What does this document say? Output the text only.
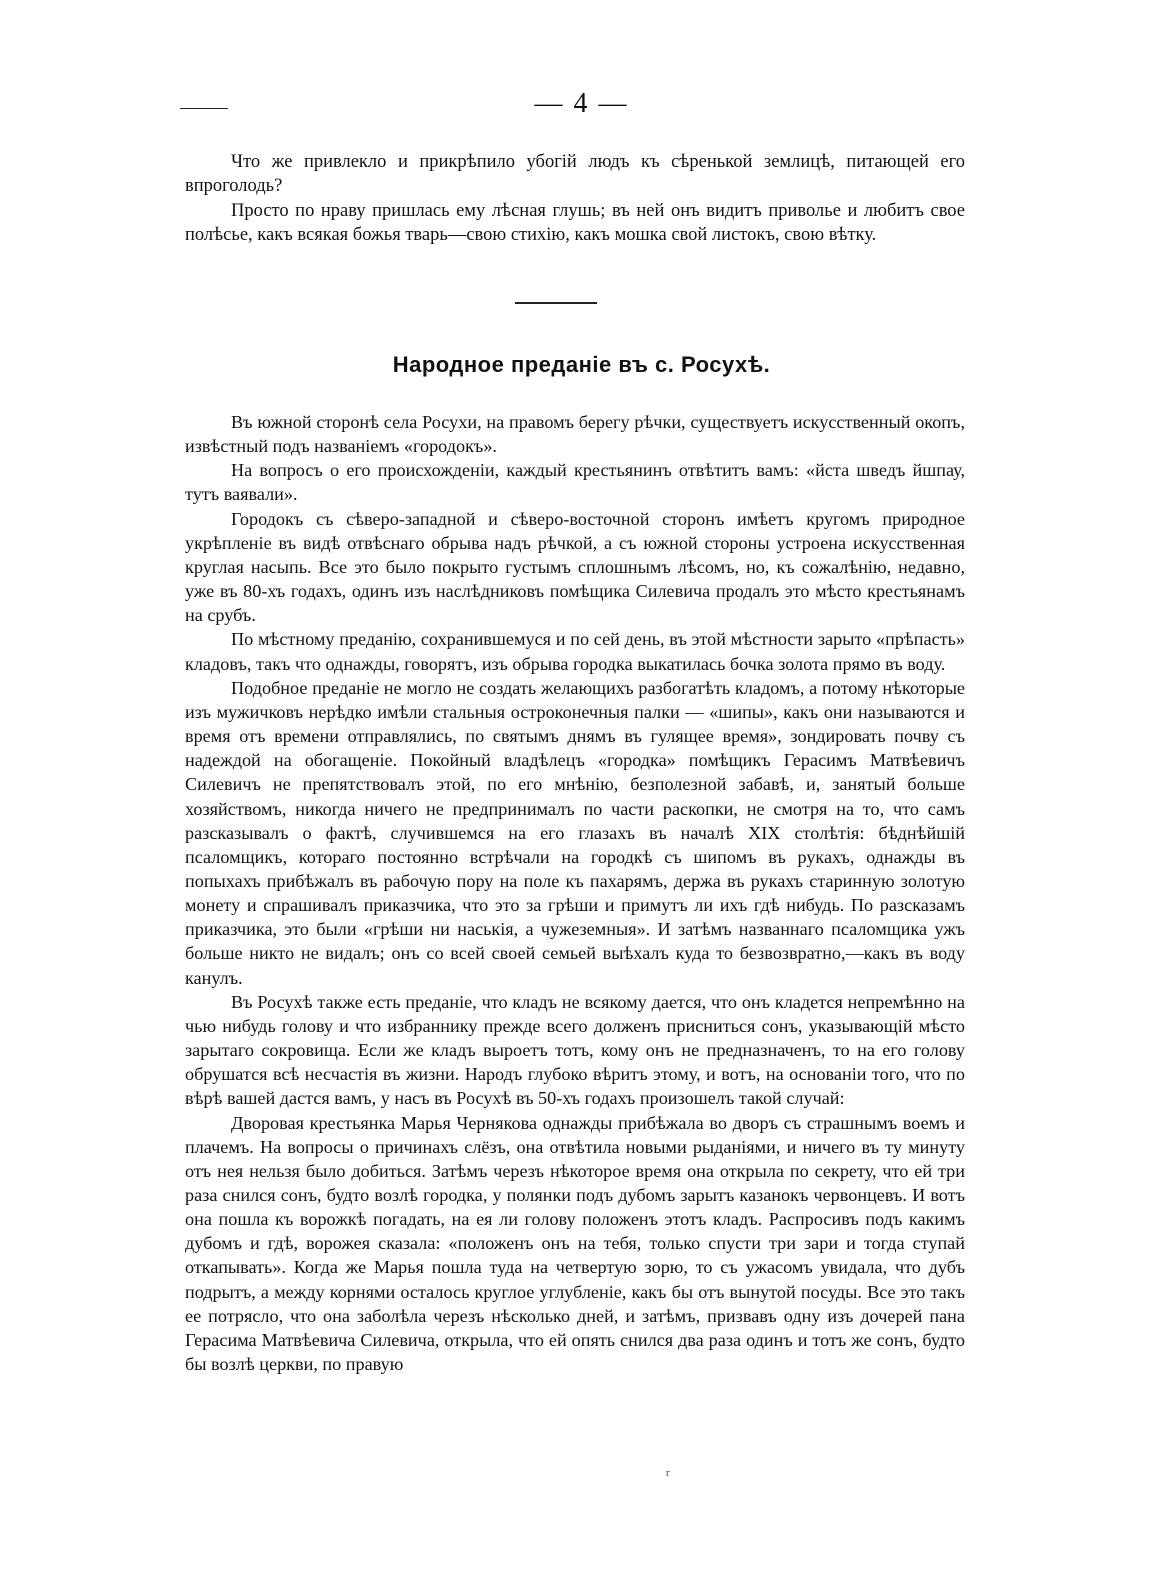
— 4 —

Что же привлекло и прикрѣпило убогій людъ къ сѣренькой землицѣ, питающей его впроголодь?

Просто по нраву пришлась ему лѣсная глушь; въ ней онъ видитъ приволье и любитъ свое полѣсье, какъ всякая божья тварь—свою стихію, какъ мошка свой листокъ, свою вѣтку.

Народное преданіе въ с. Росухѣ.

Въ южной сторонѣ села Росухи, на правомъ берегу рѣчки, существуетъ искусственный окопъ, извѣстный подъ названіемъ «городокъ».

На вопросъ о его происхожденіи, каждый крестьянинъ отвѣтитъ вамъ: «йста шведъ йшпау, тутъ ваявали».

Городокъ съ сѣверо-западной и сѣверо-восточной сторонъ имѣетъ кругомъ природное укрѣпленіе въ видѣ отвѣснаго обрыва надъ рѣчкой, а съ южной стороны устроена искусственная круглая насыпь. Все это было покрыто густымъ сплошнымъ лѣсомъ, но, къ сожалѣнію, недавно, уже въ 80-хъ годахъ, одинъ изъ наслѣдниковъ помѣщика Силевича продалъ это мѣсто крестьянамъ на срубъ.

По мѣстному преданію, сохранившемуся и по сей день, въ этой мѣстности зарыто «прѣпасть» кладовъ, такъ что однажды, говорятъ, изъ обрыва городка выкатилась бочка золота прямо въ воду.

Подобное преданіе не могло не создать желающихъ разбогатѣть кладомъ, а потому нѣкоторые изъ мужичковъ нерѣдко имѣли стальныя остроконечныя палки — «шипы», какъ они называются и время отъ времени отправлялись, по святымъ днямъ въ гулящее время», зондировать почву съ надеждой на обогащеніе. Покойный владѣлецъ «городка» помѣщикъ Герасимъ Матвѣевичъ Силевичъ не препятствовалъ этой, по его мнѣнію, безполезной забавѣ, и, занятый больше хозяйствомъ, никогда ничего не предпринималъ по части раскопки, не смотря на то, что самъ разсказывалъ о фактѣ, случившемся на его глазахъ въ началѣ XIX столѣтія: бѣднѣйшій псаломщикъ, котораго постоянно встрѣчали на городкѣ съ шипомъ въ рукахъ, однажды въ попыхахъ прибѣжалъ въ рабочую пору на поле къ пахарямъ, держа въ рукахъ старинную золотую монету и спрашивалъ приказчика, что это за грѣши и примутъ ли ихъ гдѣ нибудь. По разсказамъ приказчика, это были «грѣши ни наськія, а чужеземныя». И затѣмъ названнаго псаломщика ужъ больше никто не видалъ; онъ со всей своей семьей выѣхалъ куда то безвозвратно,—какъ въ воду канулъ.

Въ Росухѣ также есть преданіе, что кладъ не всякому дается, что онъ кладется непремѣнно на чью нибудь голову и что избраннику прежде всего долженъ присниться сонъ, указывающій мѣсто зарытаго сокровища. Если же кладъ выроетъ тотъ, кому онъ не предназначенъ, то на его голову обрушатся всѣ несчастія въ жизни. Народъ глубоко вѣритъ этому, и вотъ, на основаніи того, что по вѣрѣ вашей дастся вамъ, у насъ въ Росухѣ въ 50-хъ годахъ произошелъ такой случай:

Дворовая крестьянка Марья Чернякова однажды прибѣжала во дворъ съ страшнымъ воемъ и плачемъ. На вопросы о причинахъ слёзъ, она отвѣтила новыми рыданіями, и ничего въ ту минуту отъ нея нельзя было добиться. Затѣмъ черезъ нѣкоторое время она открыла по секрету, что ей три раза снился сонъ, будто возлѣ городка, у полянки подъ дубомъ зарытъ казанокъ червонцевъ. И вотъ она пошла къ ворожкѣ погадать, на ея ли голову положенъ этотъ кладъ. Распросивъ подъ какимъ дубомъ и гдѣ, ворожея сказала: «положенъ онъ на тебя, только спусти три зари и тогда ступай откапывать». Когда же Марья пошла туда на четвертую зорю, то съ ужасомъ увидала, что дубъ подрытъ, а между корнями осталось круглое углубленіе, какъ бы отъ вынутой посуды. Все это такъ ее потрясло, что она заболѣла черезъ нѣсколько дней, и затѣмъ, призвавъ одну изъ дочерей пана Герасима Матвѣевича Силевича, открыла, что ей опять снился два раза одинъ и тотъ же сонъ, будто бы возлѣ церкви, по правую

г
